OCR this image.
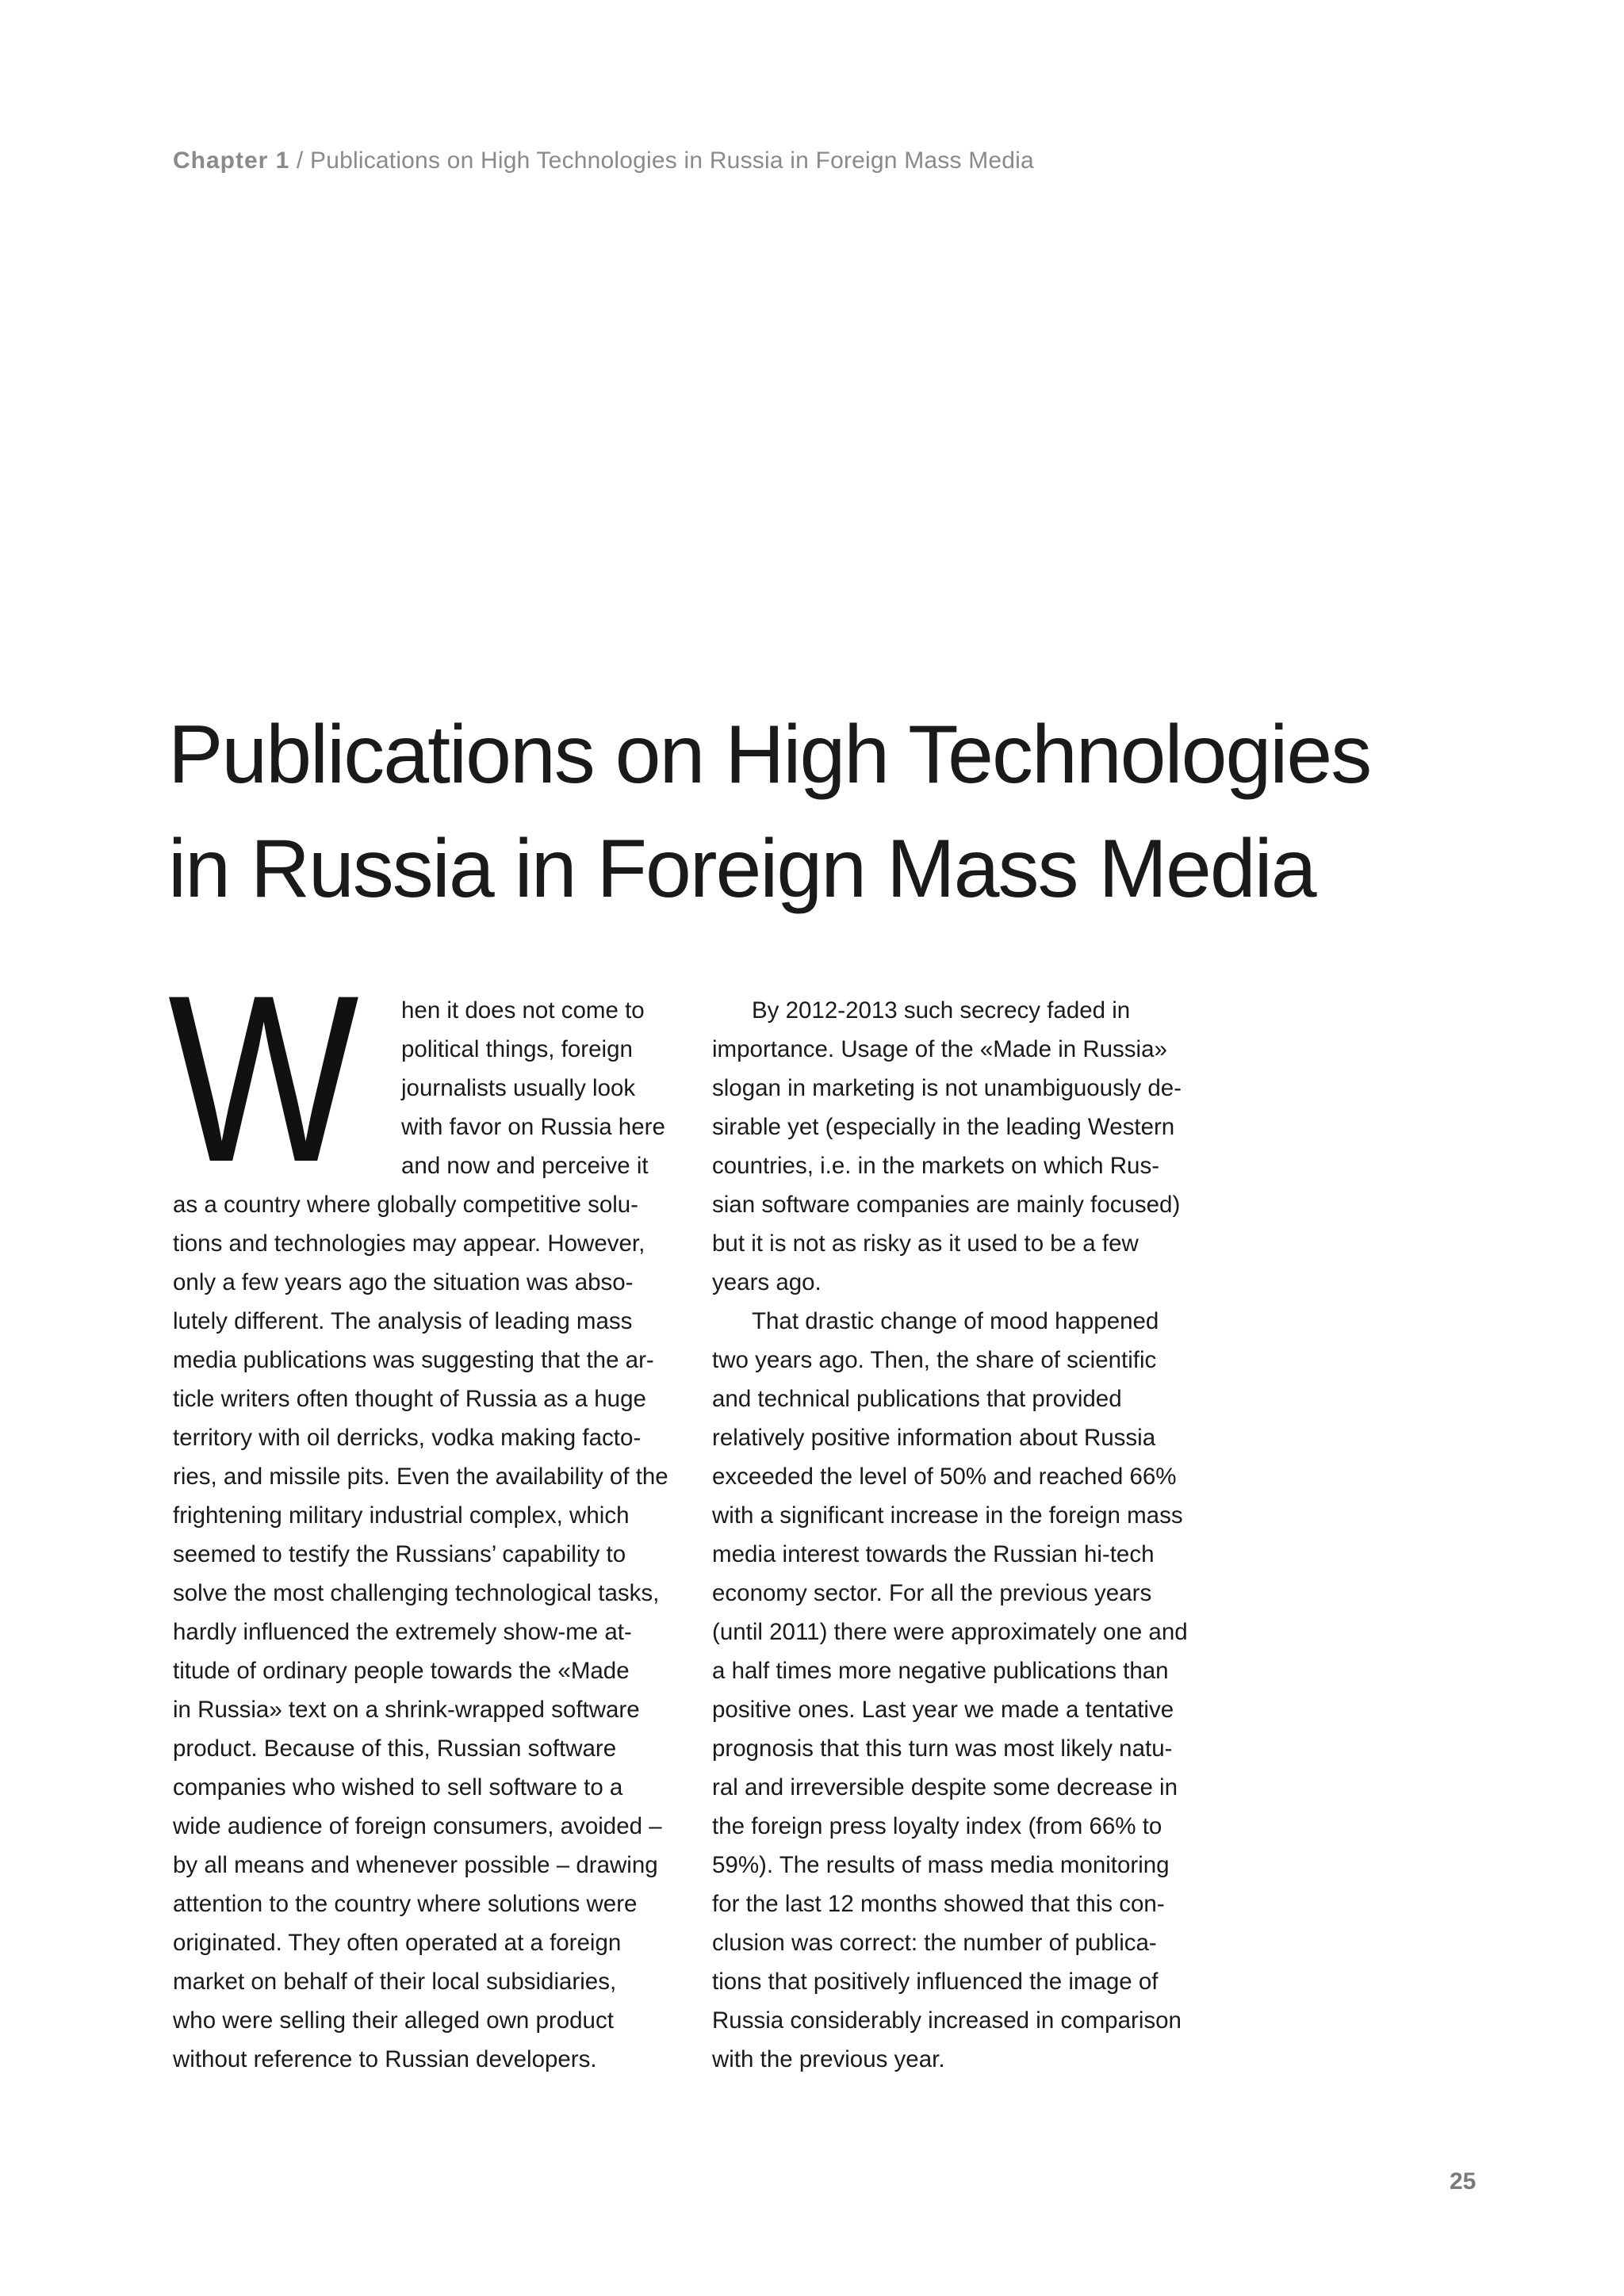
Chapter 1 / Publications on High Technologies in Russia in Foreign Mass Media
Publications on High Technologies
in Russia in Foreign Mass Media
W	hen it does not come to
political things, foreign
journalists usually look
with favor on Russia here
and now and perceive it
as a country where globally competitive solu-
tions and technologies may appear. However,
only a few years ago the situation was abso-
lutely different. The analysis of leading mass
media publications was suggesting that the ar-
ticle writers often thought of Russia as a huge
territory with oil derricks, vodka making facto-
ries, and missile pits. Even the availability of the
frightening military industrial complex, which
seemed to testify the Russians’ capability to
solve the most challenging technological tasks,
hardly influenced the extremely show-me at-
titude of ordinary people towards the «Made
in Russia» text on a shrink-wrapped software
product. Because of this, Russian software
companies who wished to sell software to a
wide audience of foreign consumers, avoided –
by all means and whenever possible – drawing
attention to the country where solutions were
originated. They often operated at a foreign
market on behalf of their local subsidiaries,
who were selling their alleged own product
without reference to Russian developers.
By 2012-2013 such secrecy faded in
importance. Usage of the «Made in Russia»
slogan in marketing is not unambiguously de-
sirable yet (especially in the leading Western
countries, i.e. in the markets on which Rus-
sian software companies are mainly focused)
but it is not as risky as it used to be a few
years ago.
That drastic change of mood happened
two years ago. Then, the share of scientific
and technical publications that provided
relatively positive information about Russia
exceeded the level of 50% and reached 66%
with a significant increase in the foreign mass
media interest towards the Russian hi-tech
economy sector. For all the previous years
(until 2011) there were approximately one and
a half times more negative publications than
positive ones. Last year we made a tentative
prognosis that this turn was most likely natu-
ral and irreversible despite some decrease in
the foreign press loyalty index (from 66% to
59%). The results of mass media monitoring
for the last 12 months showed that this con-
clusion was correct: the number of publica-
tions that positively influenced the image of
Russia considerably increased in comparison
with the previous year.
25
